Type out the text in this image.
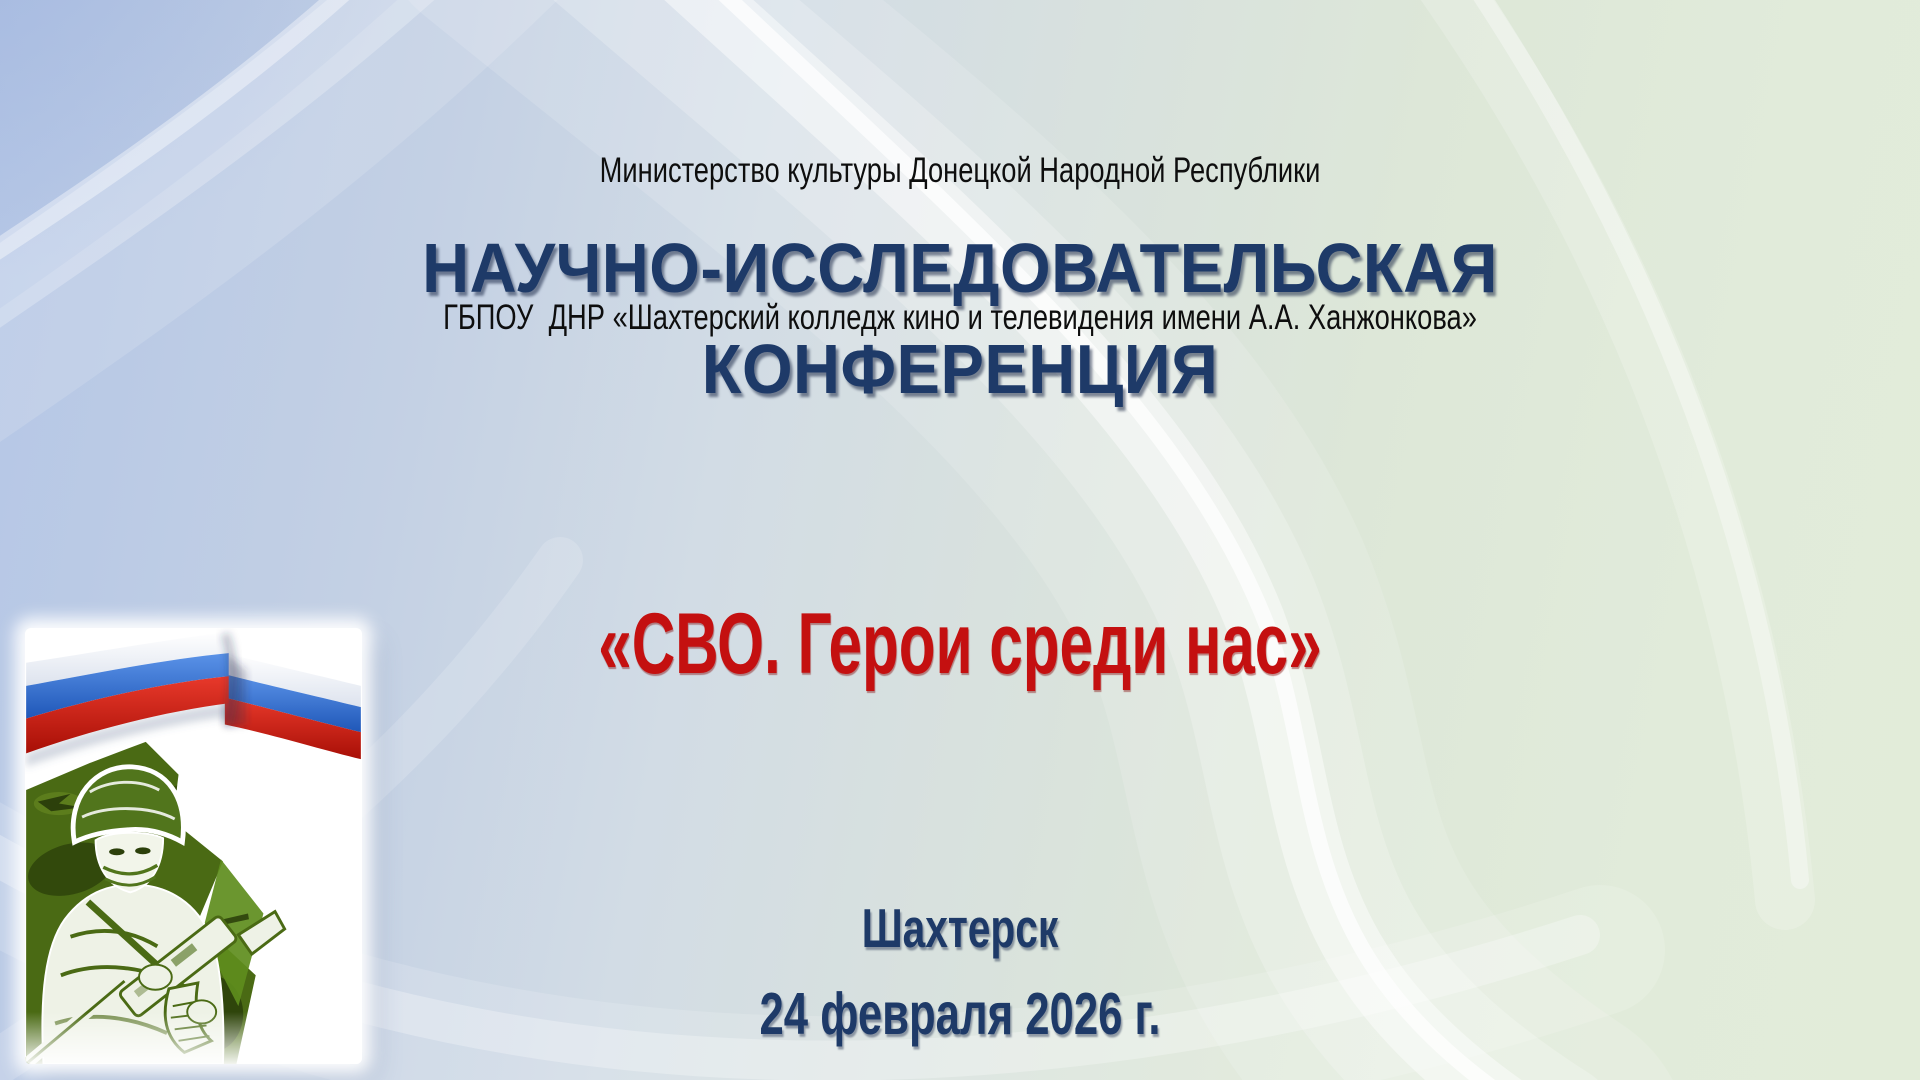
Министерство культуры Донецкой Народной Республики

ГБПОУ  ДНР «Шахтерский колледж кино и телевидения имени А.А. Ханжонкова»

НАУЧНО-ИССЛЕДОВАТЕЛЬСКАЯ
КОНФЕРЕНЦИЯ
«СВО. Герои среди нас»
Шахтерск
24 февраля 2026 г.
